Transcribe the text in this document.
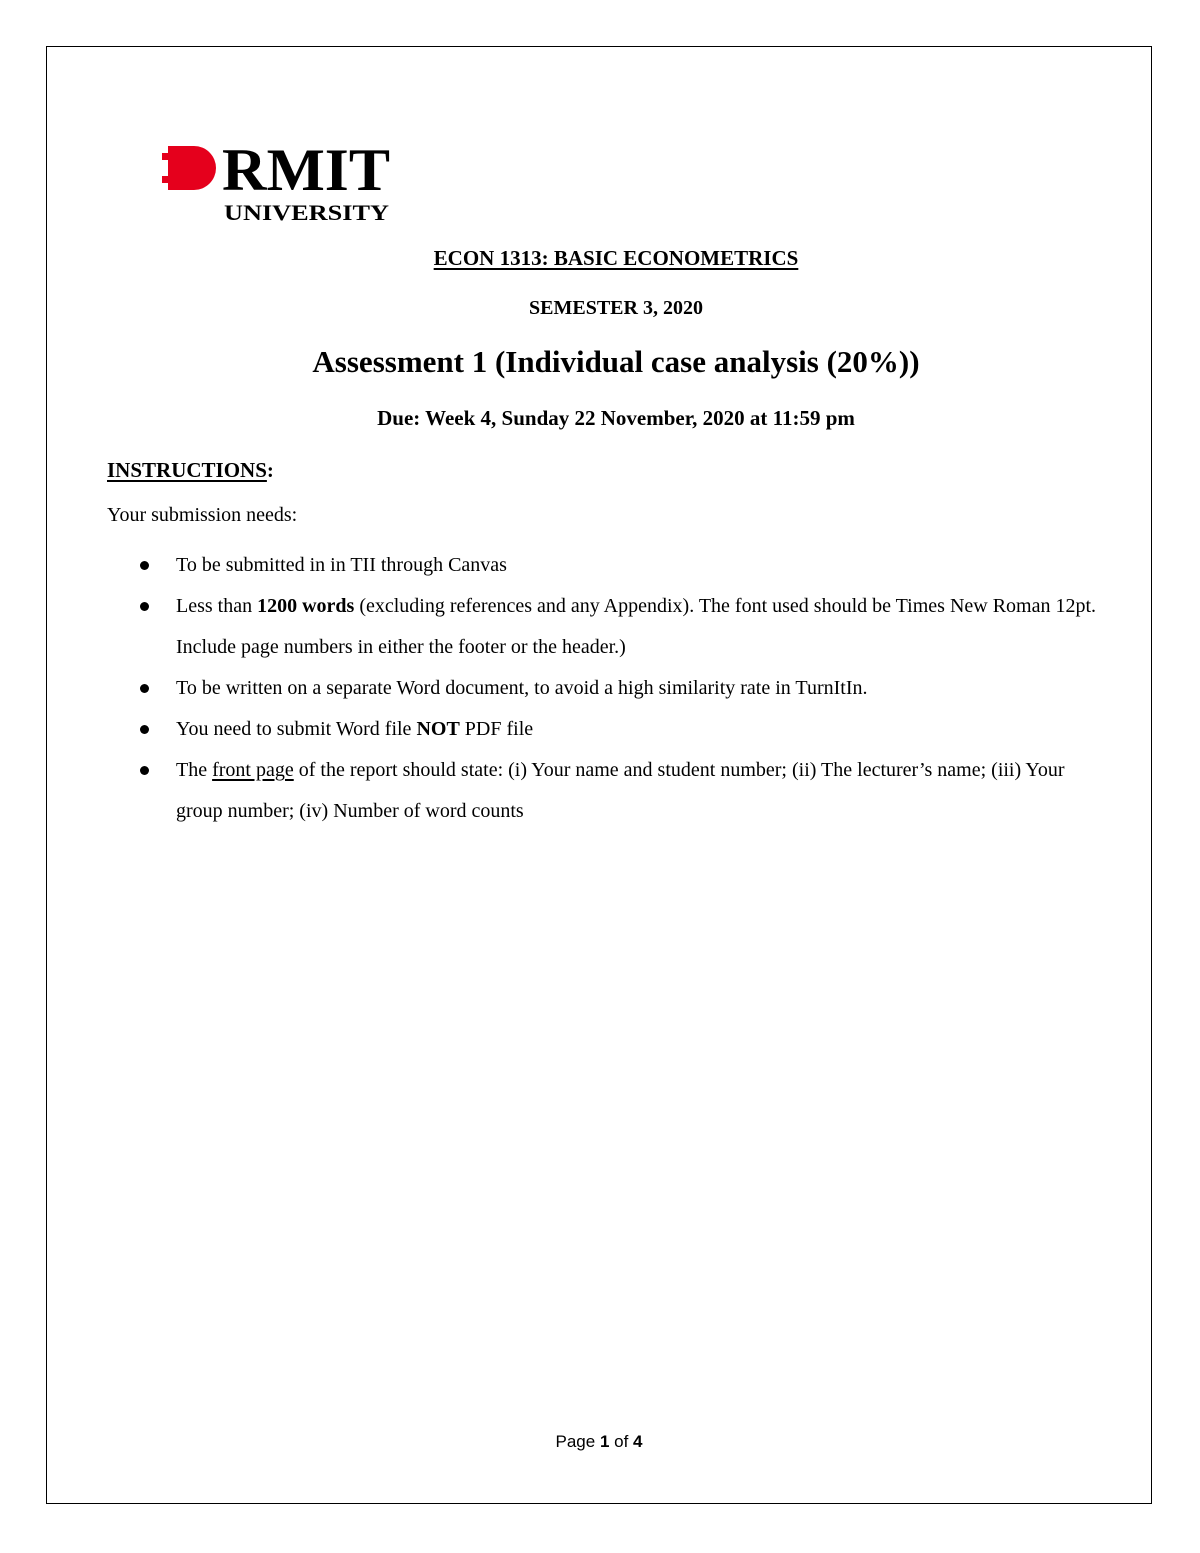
RMIT
UNIVERSITY
ECON 1313: BASIC ECONOMETRICS
SEMESTER 3, 2020
Assessment 1 (Individual case analysis (20%))
Due: Week 4, Sunday 22 November, 2020 at 11:59 pm
INSTRUCTIONS:
Your submission needs:
To be submitted in in TII through Canvas
Less than 1200 words (excluding references and any Appendix). The font used should be Times New Roman 12pt. Include page numbers in either the footer or the header.)
To be written on a separate Word document, to avoid a high similarity rate in TurnItIn.
You need to submit Word file NOT PDF file
The front page of the report should state: (i) Your name and student number; (ii) The lecturer’s name; (iii) Your group number; (iv) Number of word counts
Page 1 of 4
